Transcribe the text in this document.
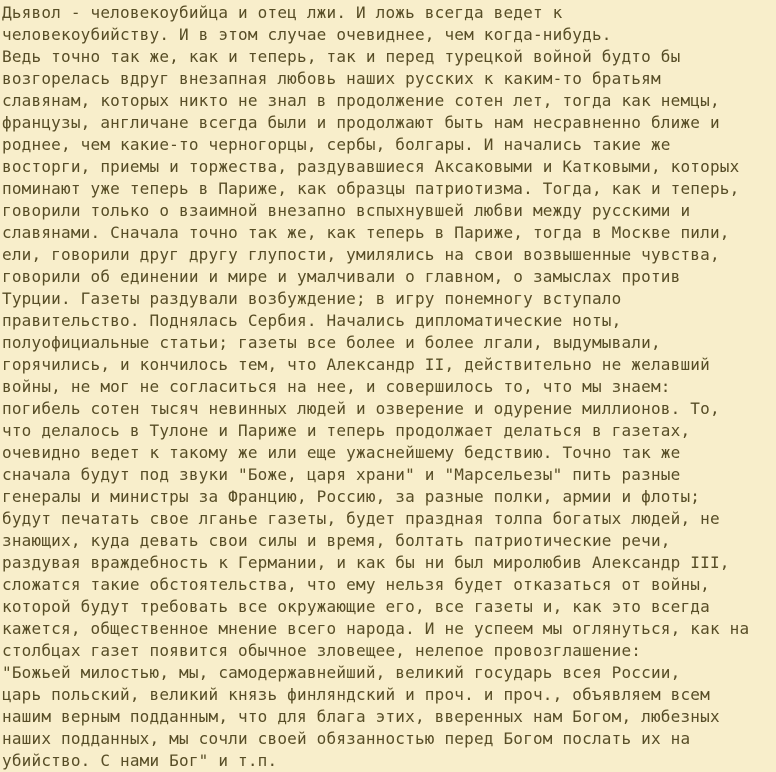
Дьявол - человекоубийца и отец лжи. И ложь всегда ведет к
человекоубийству. И в этом случае очевиднее, чем когда-нибудь.
Ведь точно так же, как и теперь, так и перед турецкой войной будто бы
возгорелась вдруг внезапная любовь наших русских к каким-то братьям
славянам, которых никто не знал в продолжение сотен лет, тогда как немцы,
французы, англичане всегда были и продолжают быть нам несравненно ближе и
роднее, чем какие-то черногорцы, сербы, болгары. И начались такие же
восторги, приемы и торжества, раздувавшиеся Аксаковыми и Катковыми, которых
поминают уже теперь в Париже, как образцы патриотизма. Тогда, как и теперь,
говорили только о взаимной внезапно вспыхнувшей любви между русскими и
славянами. Сначала точно так же, как теперь в Париже, тогда в Москве пили,
ели, говорили друг другу глупости, умилялись на свои возвышенные чувства,
говорили об единении и мире и умалчивали о главном, о замыслах против
Турции. Газеты раздували возбуждение; в игру понемногу вступало
правительство. Поднялась Сербия. Начались дипломатические ноты,
полуофициальные статьи; газеты все более и более лгали, выдумывали,
горячились, и кончилось тем, что Александр II, действительно не желавший
войны, не мог не согласиться на нее, и совершилось то, что мы знаем:
погибель сотен тысяч невинных людей и озверение и одурение миллионов. То,
что делалось в Тулоне и Париже и теперь продолжает делаться в газетах,
очевидно ведет к такому же или еще ужаснейшему бедствию. Точно так же
сначала будут под звуки "Боже, царя храни" и "Марсельезы" пить разные
генералы и министры за Францию, Россию, за разные полки, армии и флоты;
будут печатать свое лганье газеты, будет праздная толпа богатых людей, не
знающих, куда девать свои силы и время, болтать патриотические речи,
раздувая враждебность к Германии, и как бы ни был миролюбив Александр III,
сложатся такие обстоятельства, что ему нельзя будет отказаться от войны,
которой будут требовать все окружающие его, все газеты и, как это всегда
кажется, общественное мнение всего народа. И не успеем мы оглянуться, как на
столбцах газет появится обычное зловещее, нелепое провозглашение:
"Божьей милостью, мы, самодержавнейший, великий государь всея России,
царь польский, великий князь финляндский и проч. и проч., объявляем всем
нашим верным подданным, что для блага этих, вверенных нам Богом, любезных
наших подданных, мы сочли своей обязанностью перед Богом послать их на
убийство. С нами Бог" и т.п.
